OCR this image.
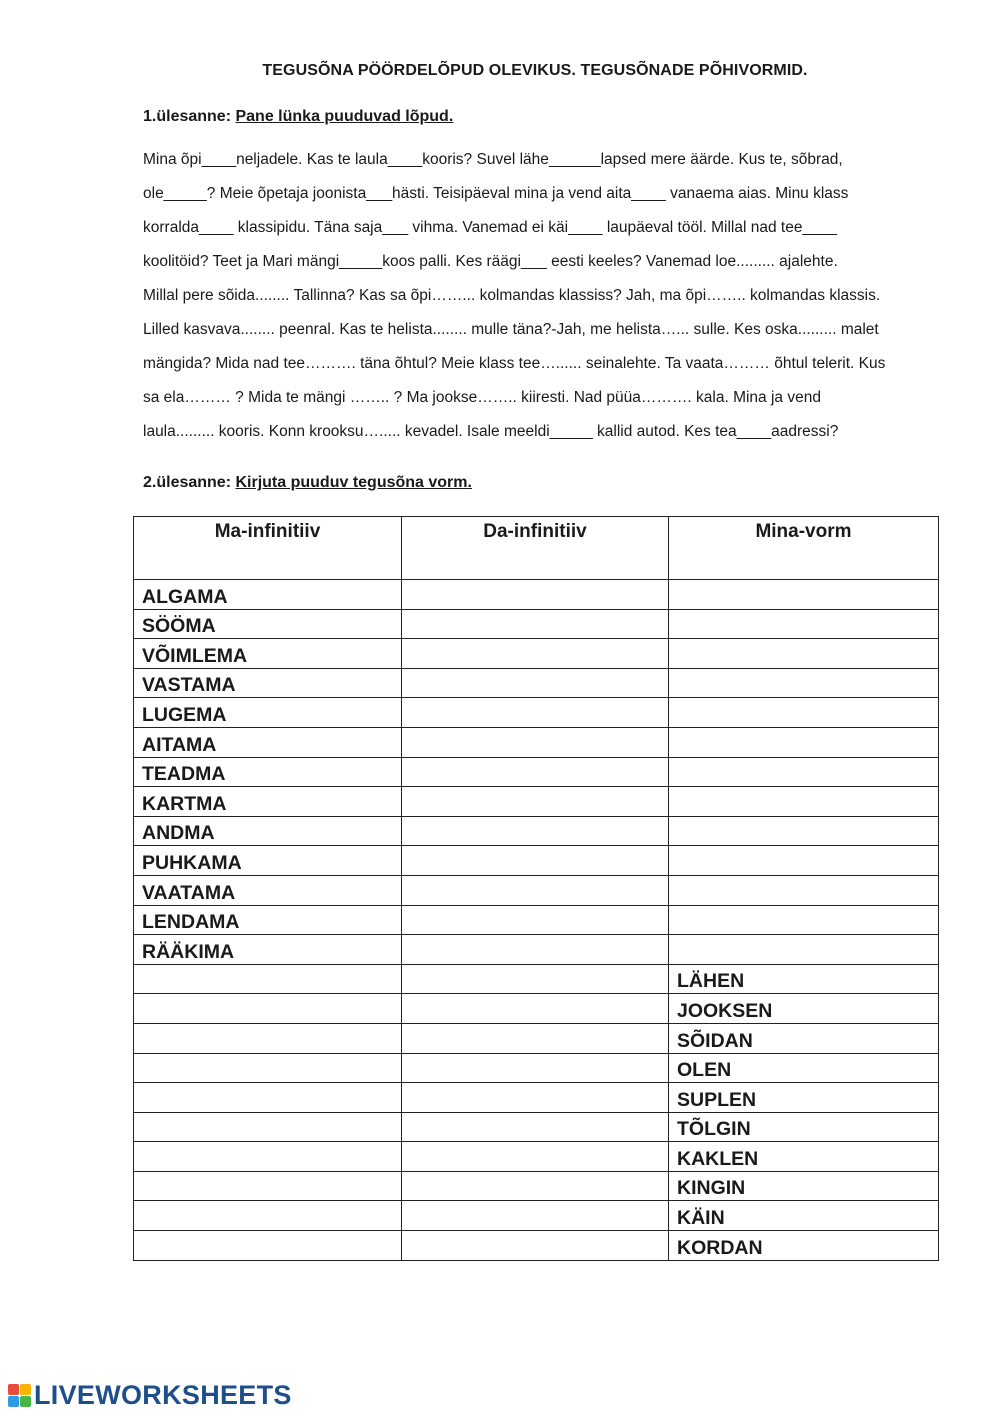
TEGUSÕNA PÖÖRDELÕPUD OLEVIKUS. TEGUSÕNADE PÕHIVORMID.
1.ülesanne: Pane lünka puuduvad lõpud.
Mina õpi____neljadele. Kas te laula____kooris? Suvel lähe______lapsed mere äärde. Kus te, sõbrad,
ole_____? Meie õpetaja joonista___hästi. Teisipäeval mina ja vend aita____ vanaema aias. Minu klass
korralda____ klassipidu. Täna saja___ vihma. Vanemad ei käi____ laupäeval tööl. Millal nad tee____
koolitöid? Teet ja Mari mängi_____koos palli. Kes räägi___ eesti keeles? Vanemad loe......... ajalehte.
Millal pere sõida........ Tallinna? Kas sa õpi……... kolmandas klassiss? Jah, ma õpi…….. kolmandas klassis.
Lilled kasvava........ peenral. Kas te helista........ mulle täna?-Jah, me helista…... sulle. Kes oska......... malet
mängida? Mida nad tee………. täna õhtul? Meie klass tee…...... seinalehte. Ta vaata……… õhtul telerit. Kus
sa ela……… ? Mida te mängi …….. ? Ma jookse…….. kiiresti. Nad püüa………. kala. Mina ja vend
laula......... kooris. Konn krooksu…..... kevadel. Isale meeldi_____ kallid autod. Kes tea____aadressi?
2.ülesanne: Kirjuta puuduv tegusõna vorm.
Ma-infinitiiv	Da-infinitiiv	Mina-vorm
ALGAMA		
SÖÖMA		
VÕIMLEMA		
VASTAMA		
LUGEMA		
AITAMA		
TEADMA		
KARTMA		
ANDMA		
PUHKAMA		
VAATAMA		
LENDAMA		
RÄÄKIMA		
		LÄHEN
		JOOKSEN
		SÕIDAN
		OLEN
		SUPLEN
		TÕLGIN
		KAKLEN
		KINGIN
		KÄIN
		KORDAN
LIVEWORKSHEETS
